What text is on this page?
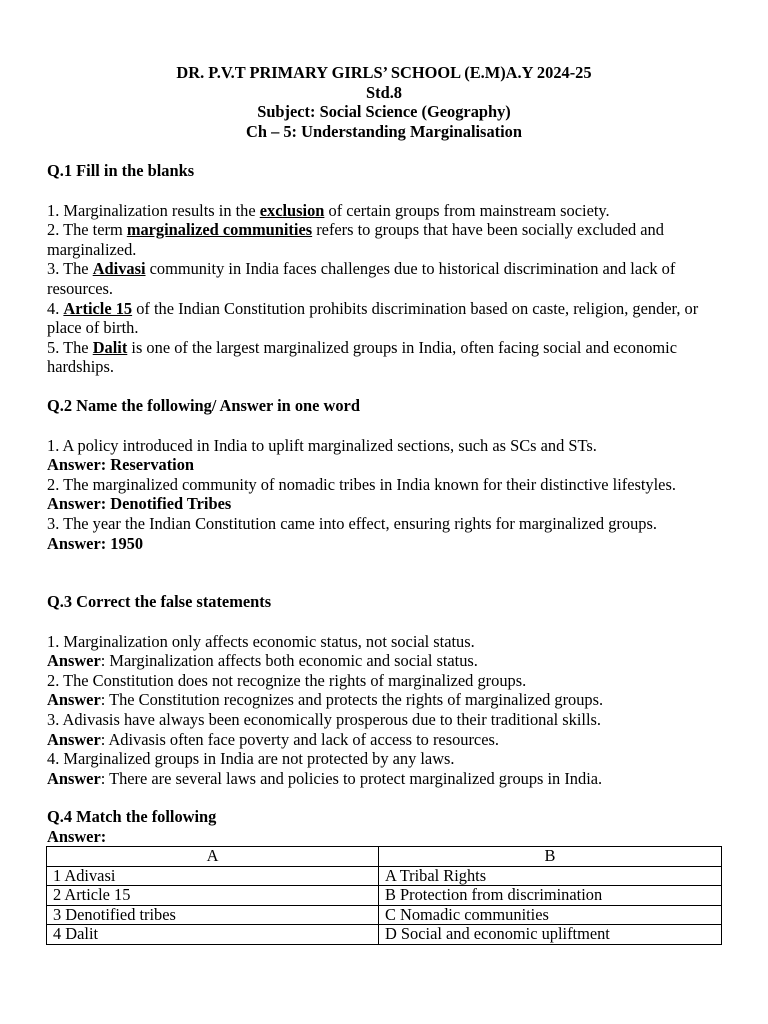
DR. P.V.T PRIMARY GIRLS’ SCHOOL (E.M)A.Y 2024-25
Std.8
Subject: Social Science (Geography)
Ch – 5: Understanding Marginalisation

Q.1 Fill in the blanks

1. Marginalization results in the exclusion of certain groups from mainstream society.

2. The term marginalized communities refers to groups that have been socially excluded and marginalized.

3. The Adivasi community in India faces challenges due to historical discrimination and lack of resources.

4. Article 15 of the Indian Constitution prohibits discrimination based on caste, religion, gender, or place of birth.

5. The Dalit is one of the largest marginalized groups in India, often facing social and economic hardships.

Q.2 Name the following/ Answer in one word

1. A policy introduced in India to uplift marginalized sections, such as SCs and STs.

Answer: Reservation

2. The marginalized community of nomadic tribes in India known for their distinctive lifestyles.

Answer: Denotified Tribes

3. The year the Indian Constitution came into effect, ensuring rights for marginalized groups.

Answer: 1950

Q.3 Correct the false statements

1. Marginalization only affects economic status, not social status.

Answer: Marginalization affects both economic and social status.

2. The Constitution does not recognize the rights of marginalized groups.

Answer: The Constitution recognizes and protects the rights of marginalized groups.

3. Adivasis have always been economically prosperous due to their traditional skills.

Answer: Adivasis often face poverty and lack of access to resources.

4. Marginalized groups in India are not protected by any laws.

Answer: There are several laws and policies to protect marginalized groups in India.

Q.4 Match the following

Answer:

A	B
1 Adivasi	A Tribal Rights
2 Article 15	B Protection from discrimination
3 Denotified tribes	C Nomadic communities
4 Dalit	D Social and economic upliftment
